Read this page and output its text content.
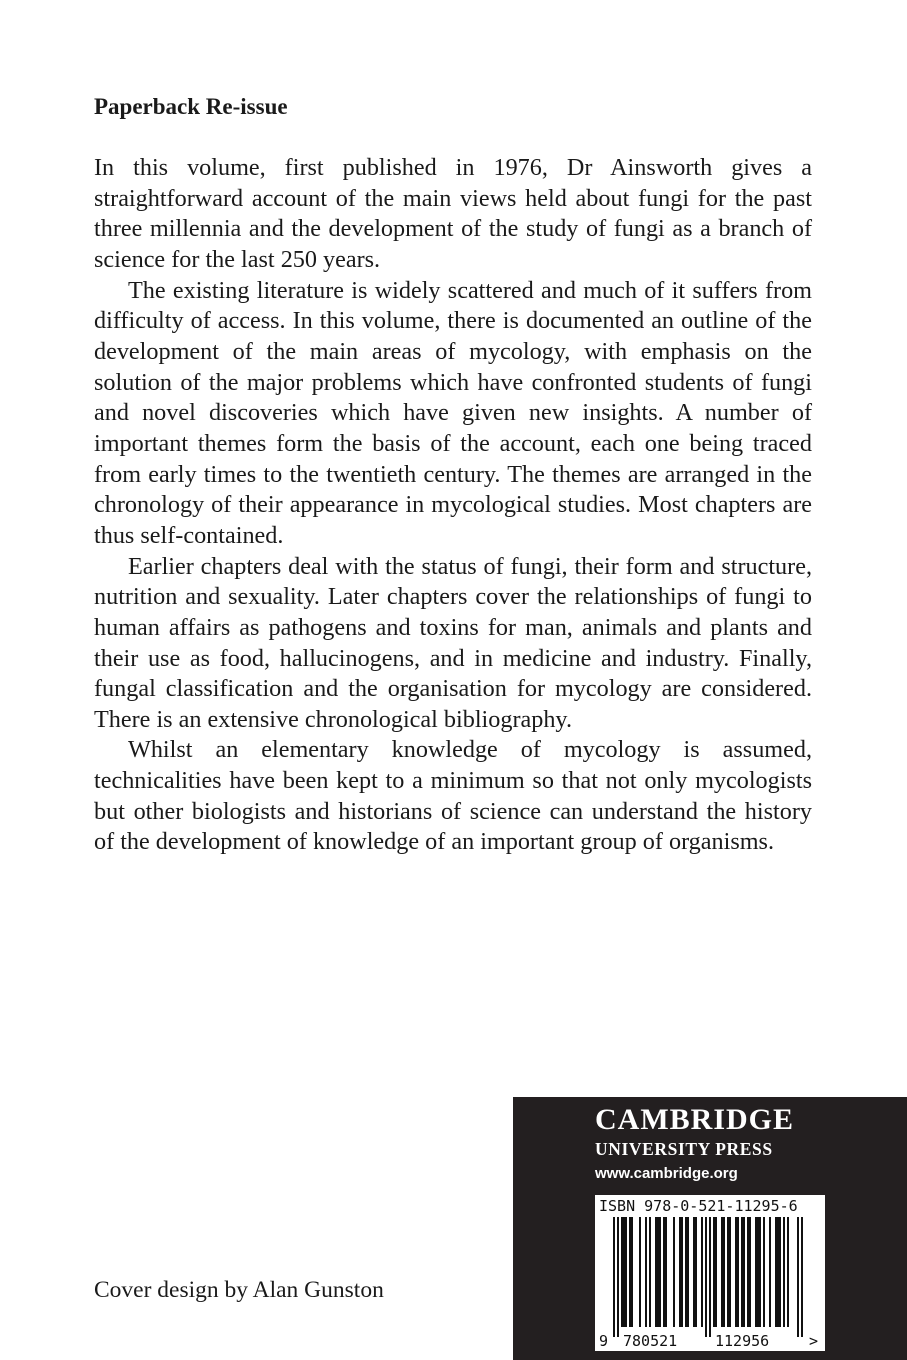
Paperback Re-issue

In this volume, first published in 1976, Dr Ainsworth gives a straightforward account of the main views held about fungi for the past three millennia and the development of the study of fungi as a branch of science for the last 250 years.

The existing literature is widely scattered and much of it suffers from difficulty of access. In this volume, there is documented an outline of the development of the main areas of mycology, with emphasis on the solution of the major problems which have confronted students of fungi and novel discoveries which have given new insights. A number of important themes form the basis of the account, each one being traced from early times to the twentieth century. The themes are arranged in the chronology of their appearance in mycological studies. Most chapters are thus self-contained.

Earlier chapters deal with the status of fungi, their form and structure, nutrition and sexuality. Later chapters cover the relationships of fungi to human affairs as pathogens and toxins for man, animals and plants and their use as food, hallucinogens, and in medicine and industry. Finally, fungal classification and the organisation for mycology are considered. There is an extensive chronological bibliography.

Whilst an elementary knowledge of mycology is assumed, technicalities have been kept to a minimum so that not only mycologists but other biologists and historians of science can understand the history of the development of knowledge of an important group of organisms.

Cover design by Alan Gunston
CAMBRIDGE
UNIVERSITY PRESS
www.cambridge.org
9 780521	112956	>
ISBN 978-0-521-11295-6
